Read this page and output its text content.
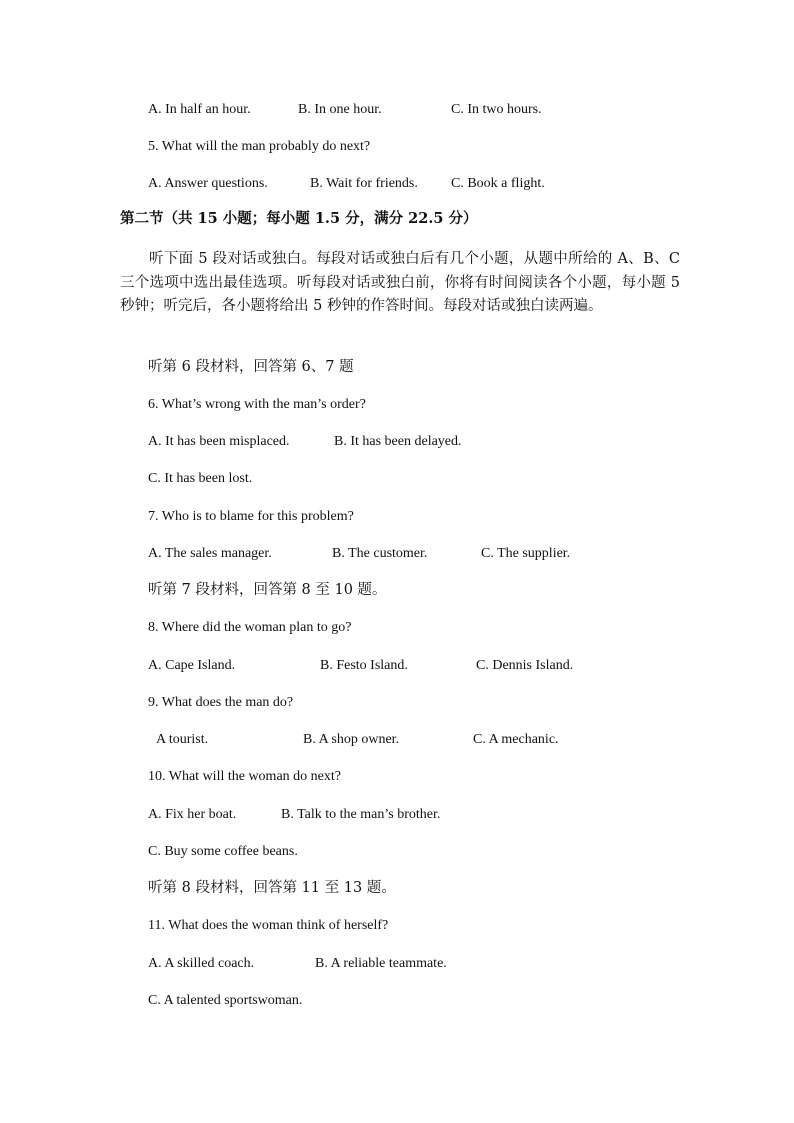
A. In half an hour.	B. In one hour.	C. In two hours.
5. What will the man probably do next?
A. Answer questions.	B. Wait for friends. C. Book a flight.
第二节（共 15 小题；每小题 1.5 分，满分 22.5 分）
听下面 5 段对话或独白。每段对话或独白后有几个小题，从题中所给的 A、B、C 三个选项中选出最佳选项。听每段对话或独白前，你将有时间阅读各个小题，每小题 5 秒钟；听完后，各小题将给出 5 秒钟的作答时间。每段对话或独白读两遍。
听第 6 段材料，回答第 6、7 题
6. What’s wrong with the man’s order?
A. It has been misplaced.	B. It has been delayed.
C. It has been lost.
7. Who is to blame for this problem?
A. The sales manager.	B. The customer.	C. The supplier.
听第 7 段材料，回答第 8 至 10 题。
8. Where did the woman plan to go?
A. Cape Island.	B. Festo Island.	C. Dennis Island.
9. What does the man do?
A tourist.	B. A shop owner.	C. A mechanic.
10. What will the woman do next?
A. Fix her boat.	B. Talk to the man’s brother.
C. Buy some coffee beans.
听第 8 段材料，回答第 11 至 13 题。
11. What does the woman think of herself?
A. A skilled coach.	B. A reliable teammate.
C. A talented sportswoman.
